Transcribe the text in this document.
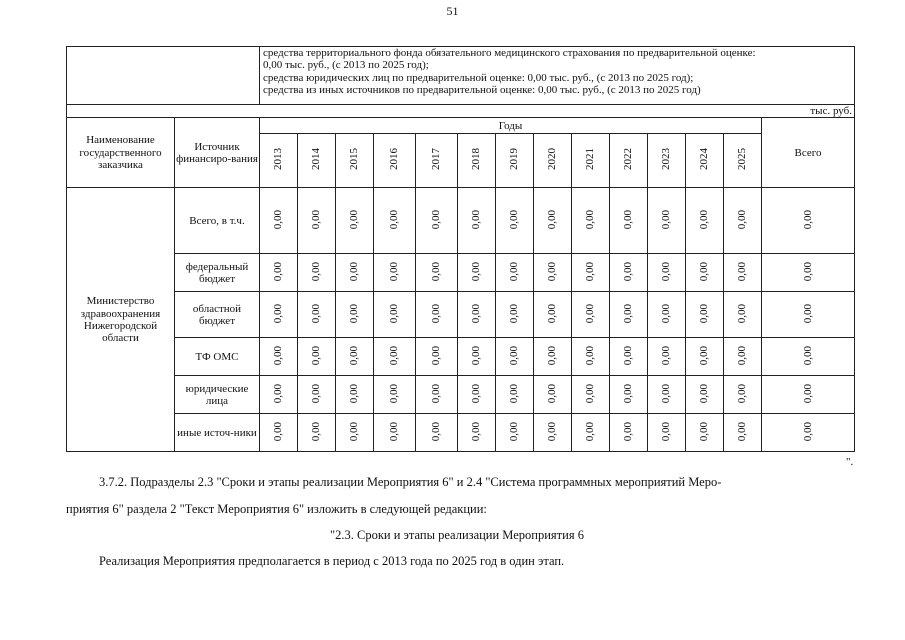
51

		средства территориального фонда обязательного медицинского страхования по предварительной оценке:
0,00 тыс. руб., (с 2013 по 2025 год);
средства юридических лиц по предварительной оценке: 0,00 тыс. руб., (с 2013 по 2025 год);
средства из иных источников по предварительной оценке: 0,00 тыс. руб., (с 2013 по 2025 год)													

тыс. руб.															
Наименование государственного заказчика	Источник финансиро-вания	Годы													Всего
		2013	2014	2015	2016	2017	2018	2019	2020	2021	2022	2023	2024	2025	
Министерство здравоохранения Нижегородской области	Всего, в т.ч.	0,00	0,00	0,00	0,00	0,00	0,00	0,00	0,00	0,00	0,00	0,00	0,00	0,00	0,00
	федеральный бюджет	0,00	0,00	0,00	0,00	0,00	0,00	0,00	0,00	0,00	0,00	0,00	0,00	0,00	0,00
	областной бюджет	0,00	0,00	0,00	0,00	0,00	0,00	0,00	0,00	0,00	0,00	0,00	0,00	0,00	0,00
	ТФ ОМС	0,00	0,00	0,00	0,00	0,00	0,00	0,00	0,00	0,00	0,00	0,00	0,00	0,00	0,00
	юридические лица	0,00	0,00	0,00	0,00	0,00	0,00	0,00	0,00	0,00	0,00	0,00	0,00	0,00	0,00
	иные источ-ники	0,00	0,00	0,00	0,00	0,00	0,00	0,00	0,00	0,00	0,00	0,00	0,00	0,00	0,00
".

3.7.2. Подразделы 2.3 "Сроки и этапы реализации Мероприятия 6" и 2.4 "Система программных мероприятий Меро-

приятия 6" раздела 2 "Текст Мероприятия 6" изложить в следующей редакции:

"2.3. Сроки и этапы реализации Мероприятия 6

Реализация Мероприятия предполагается в период с 2013 года по 2025 год в один этап.
